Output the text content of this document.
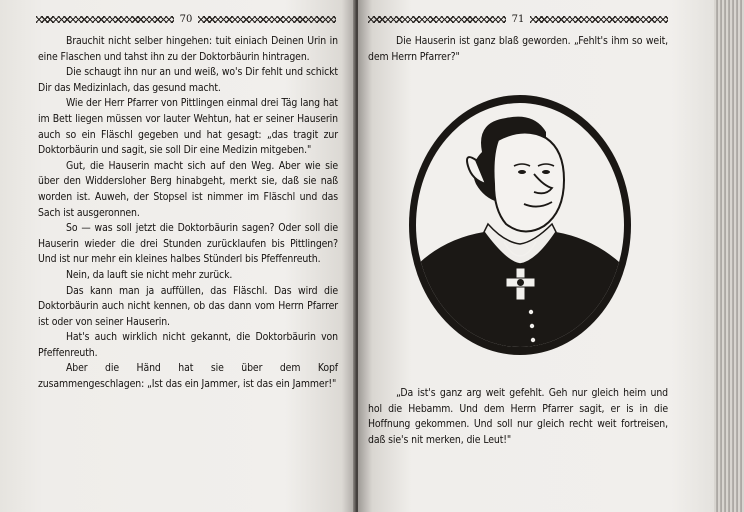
70

Brauchit nicht selber hingehen: tuit einiach Deinen Urin in eine Flaschen und tahst ihn zu der Doktorbäurin hintragen.

Die schaugt ihn nur an und weiß, wo's Dir fehlt und schickt Dir das Medizinlach, das gesund macht.

Wie der Herr Pfarrer von Pittlingen einmal drei Täg lang hat im Bett liegen müssen vor lauter Wehtun, hat er seiner Hauserin auch so ein Fläschl gegeben und hat gesagt: „das tragit zur Doktorbäurin und sagit, sie soll Dir eine Medizin mitgeben."

Gut, die Hauserin macht sich auf den Weg. Aber wie sie über den Widdersloher Berg hinabgeht, merkt sie, daß sie naß worden ist. Auweh, der Stopsel ist nimmer im Fläschl und das Sach ist ausgeronnen.

So — was soll jetzt die Doktorbäurin sagen? Oder soll die Hauserin wieder die drei Stunden zurücklaufen bis Pittlingen? Und ist nur mehr ein kleines halbes Stünderl bis Pfeffenreuth.

Nein, da lauft sie nicht mehr zurück.

Das kann man ja auffüllen, das Fläschl. Das wird die Doktorbäurin auch nicht kennen, ob das dann vom Herrn Pfarrer ist oder von seiner Hauserin.

Hat's auch wirklich nicht gekannt, die Doktorbäurin von Pfeffenreuth.

Aber die Händ hat sie über dem Kopf zusammengeschlagen: „Ist das ein Jammer, ist das ein Jammer!"

71

Die Hauserin ist ganz blaß geworden. „Fehlt's ihm so weit, dem Herrn Pfarrer?"

„Da ist's ganz arg weit gefehlt. Geh nur gleich heim und hol die Hebamm. Und dem Herrn Pfarrer sagit, er is in die Hoffnung gekommen. Und soll nur gleich recht weit fortreisen, daß sie's nit merken, die Leut!"
